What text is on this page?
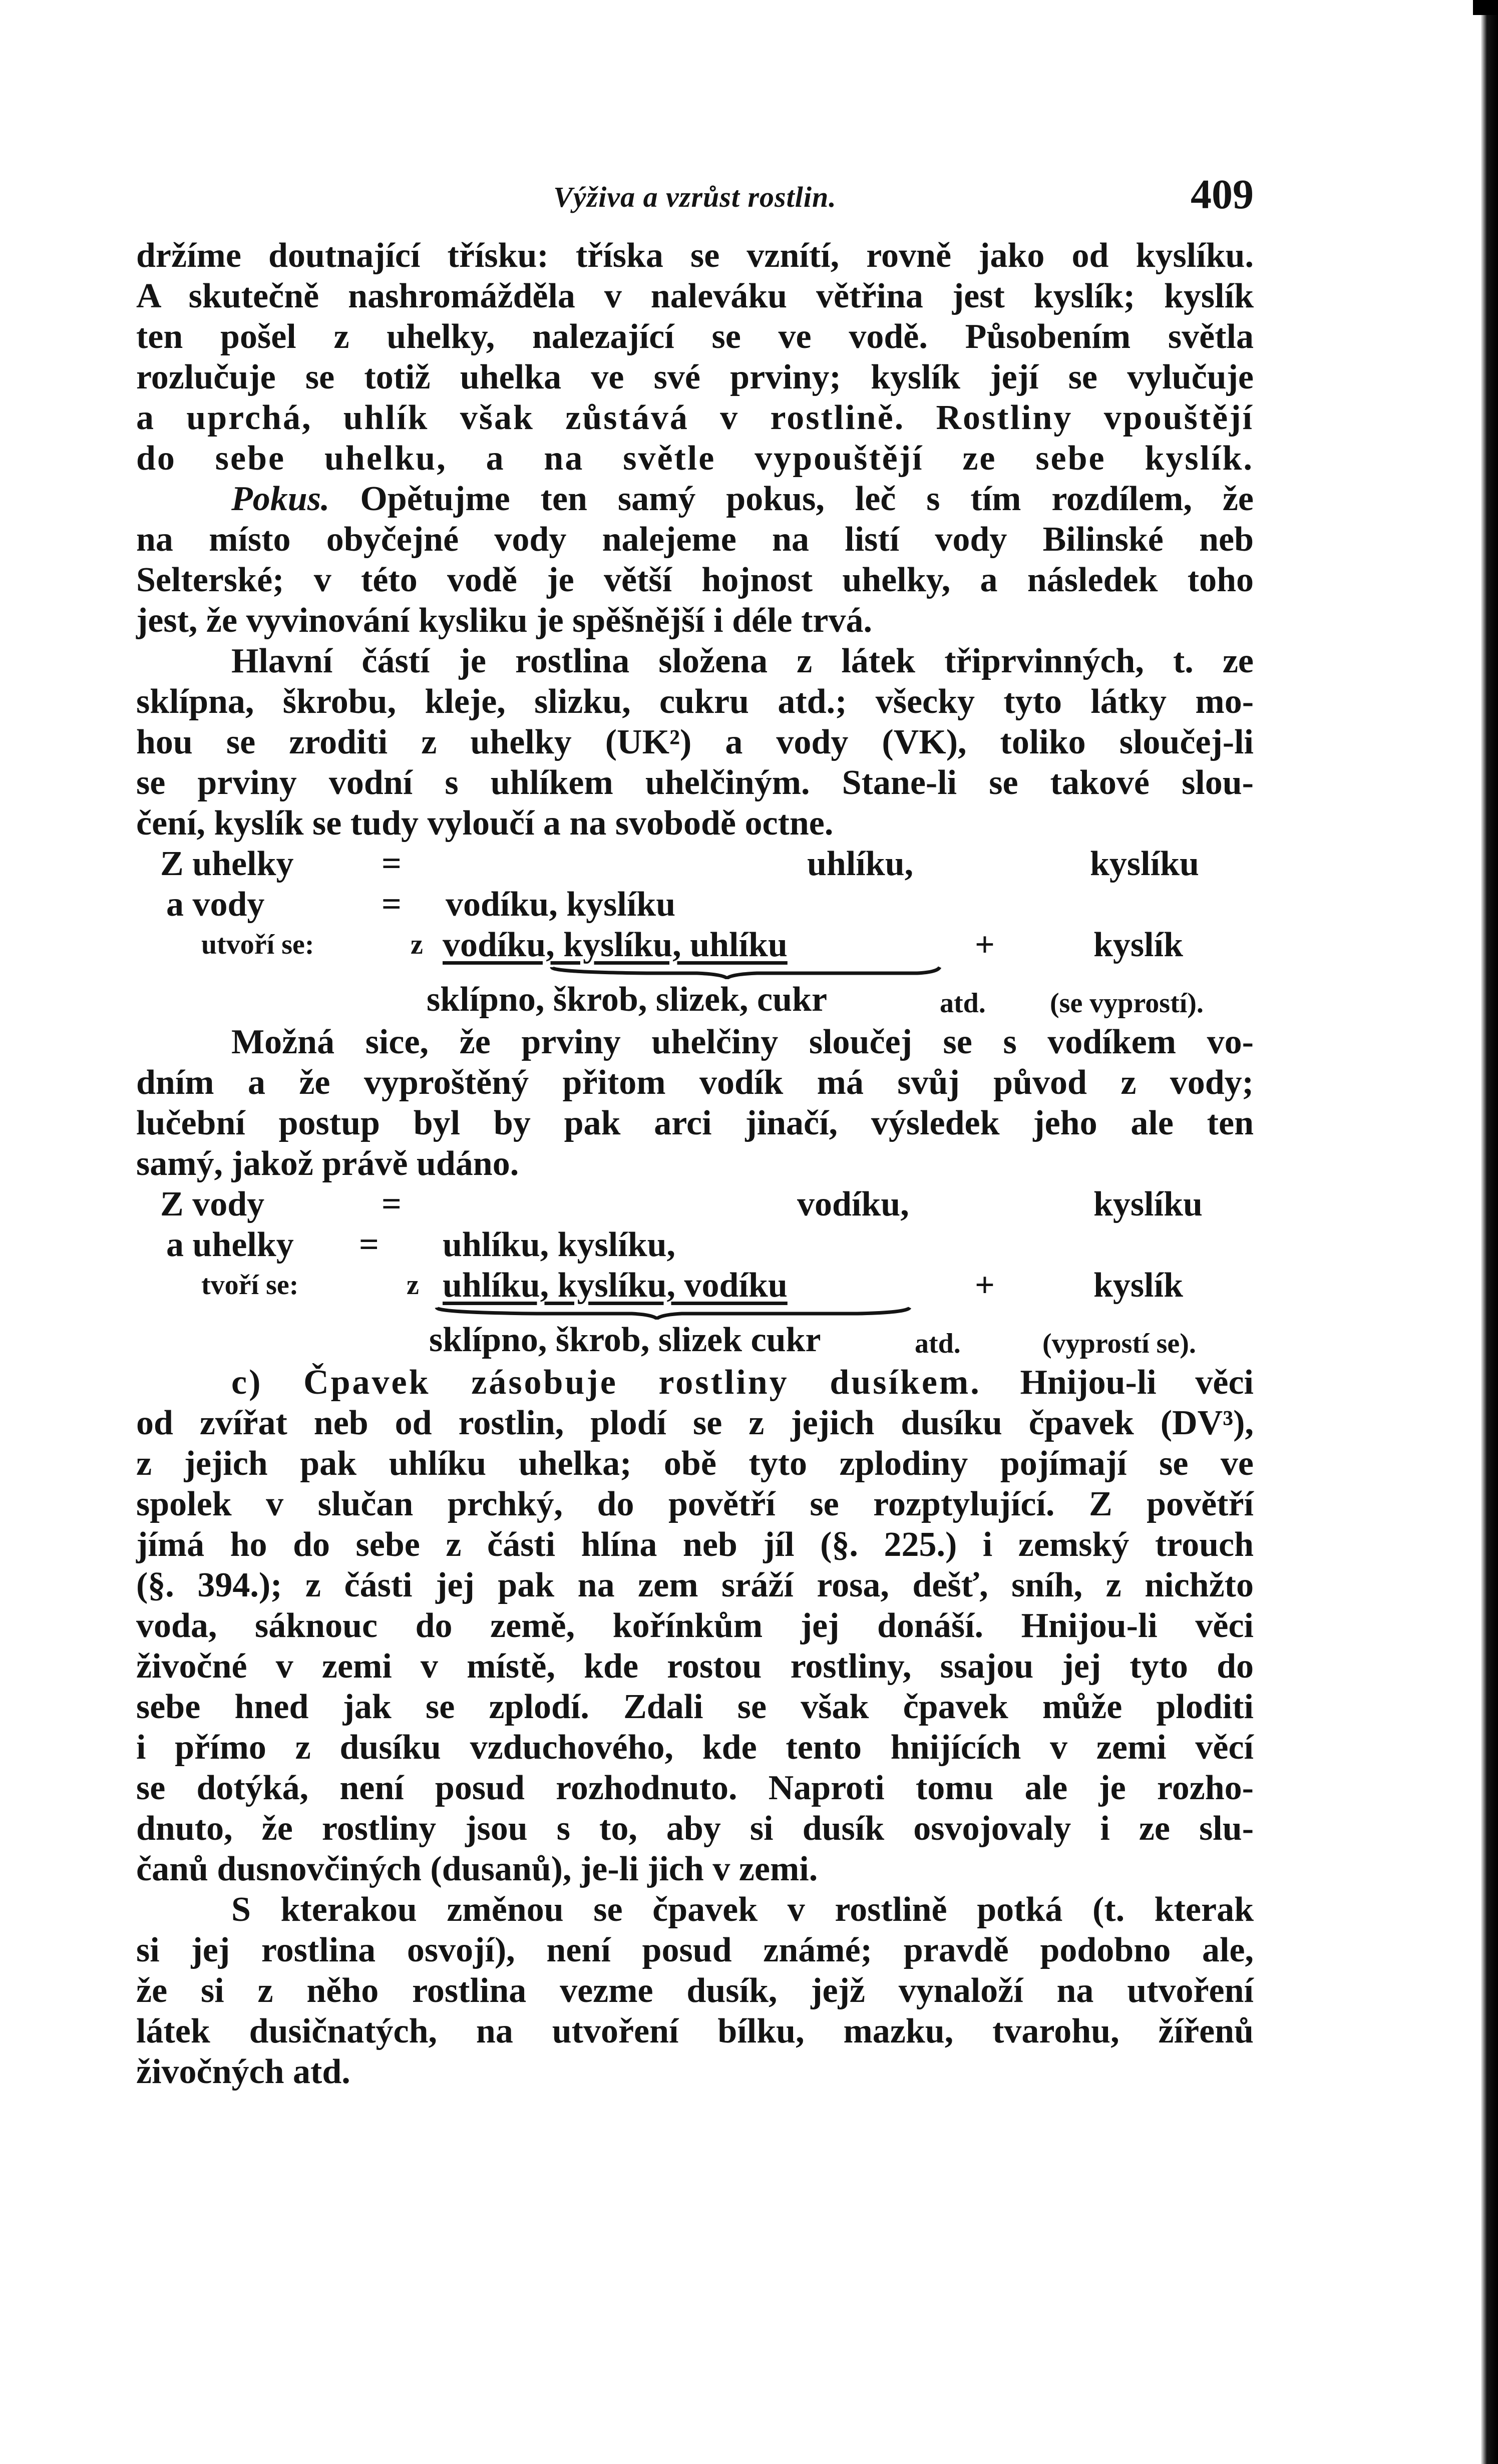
Výživa a vzrůst rostlin.	409
držíme doutnající třísku: tříska se vznítí, rovně jako od kyslíku.
A skutečně nashromážděla v naleváku větřina jest kyslík; kyslík
ten pošel z uhelky, nalezající se ve vodě. Působením světla
rozlučuje se totiž uhelka ve své prviny; kyslík její se vylučuje
a uprchá, uhlík však zůstává v rostlině. Rostliny vpouštějí
do sebe uhelku, a na světle vypouštějí ze sebe kyslík.
Pokus. Opětujme ten samý pokus, leč s tím rozdílem, že
na místo obyčejné vody nalejeme na listí vody Bilinské neb
Selterské; v této vodě je větší hojnost uhelky, a následek toho
jest, že vyvinování kysliku je spěšnější i déle trvá.
Hlavní částí je rostlina složena z látek třiprvinných, t. ze
sklípna, škrobu, kleje, slizku, cukru atd.; všecky tyto látky mo-
hou se zroditi z uhelky (UK²) a vody (VK), toliko sloučej-li
se prviny vodní s uhlíkem uhelčiným. Stane-li se takové slou-
čení, kyslík se tudy vyloučí a na svobodě octne.
Z uhelky	=	uhlíku,	kyslíku
a vody	= vodíku, kyslíku
utvoří se:	z vodíku, kyslíku, uhlíku	+	kyslík
sklípno, škrob, slizek, cukr	atd. (se vyprostí).
Možná sice, že prviny uhelčiny sloučej se s vodíkem vo-
dním a že vyproštěný přitom vodík má svůj původ z vody;
lučební postup byl by pak arci jinačí, výsledek jeho ale ten
samý, jakož právě udáno.
Z vody	=	vodíku,	kyslíku
a uhelky = uhlíku, kyslíku,
tvoří se:	z uhlíku, kyslíku, vodíku	+	kyslík
sklípno, škrob, slizek cukr	atd.	(vyprostí se).
c) Čpavek zásobuje rostliny dusíkem. Hnijou-li věci
od zvířat neb od rostlin, plodí se z jejich dusíku čpavek (DV³),
z jejich pak uhlíku uhelka; obě tyto zplodiny pojímají se ve
spolek v slučan prchký, do povětří se rozptylující. Z povětří
jímá ho do sebe z části hlína neb jíl (§. 225.) i zemský trouch
(§. 394.); z části jej pak na zem sráží rosa, dešť, sníh, z nichžto
voda, sáknouc do země, kořínkům jej donáší. Hnijou-li věci
živočné v zemi v místě, kde rostou rostliny, ssajou jej tyto do
sebe hned jak se zplodí. Zdali se však čpavek může ploditi
i přímo z dusíku vzduchového, kde tento hnijících v zemi věcí
se dotýká, není posud rozhodnuto. Naproti tomu ale je rozho-
dnuto, že rostliny jsou s to, aby si dusík osvojovaly i ze slu-
čanů dusnovčiných (dusanů), je-li jich v zemi.
S kterakou změnou se čpavek v rostlině potká (t. kterak
si jej rostlina osvojí), není posud známé; pravdě podobno ale,
že si z něho rostlina vezme dusík, jejž vynaloží na utvoření
látek dusičnatých, na utvoření bílku, mazku, tvarohu, žířenů
živočných atd.
